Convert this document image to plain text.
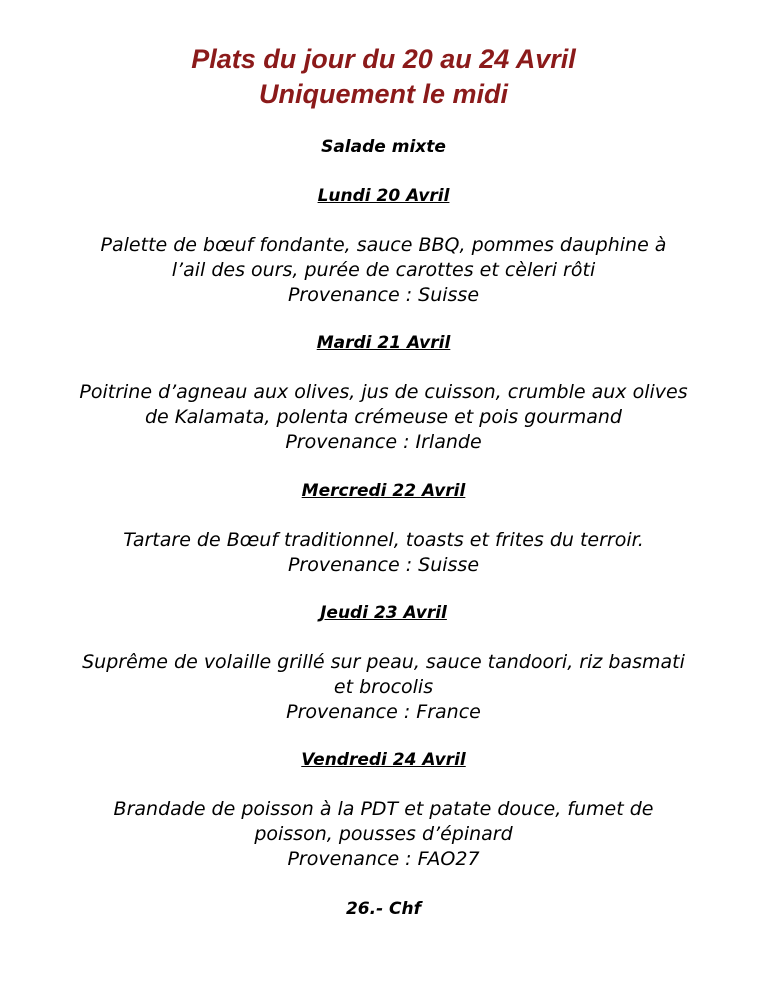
Plats du jour du 20 au 24 Avril
Uniquement le midi
Salade mixte
Lundi 20 Avril
Palette de bœuf fondante, sauce BBQ, pommes dauphine à
l’ail des ours, purée de carottes et cèleri rôti
Provenance : Suisse
Mardi 21 Avril
Poitrine d’agneau aux olives, jus de cuisson, crumble aux olives
de Kalamata, polenta crémeuse et pois gourmand
Provenance : Irlande
Mercredi 22 Avril
Tartare de Bœuf traditionnel, toasts et frites du terroir.
Provenance : Suisse
Jeudi 23 Avril
Suprême de volaille grillé sur peau, sauce tandoori, riz basmati
et brocolis
Provenance : France
Vendredi 24 Avril
Brandade de poisson à la PDT et patate douce, fumet de
poisson, pousses d’épinard
Provenance : FAO27
26.- Chf
